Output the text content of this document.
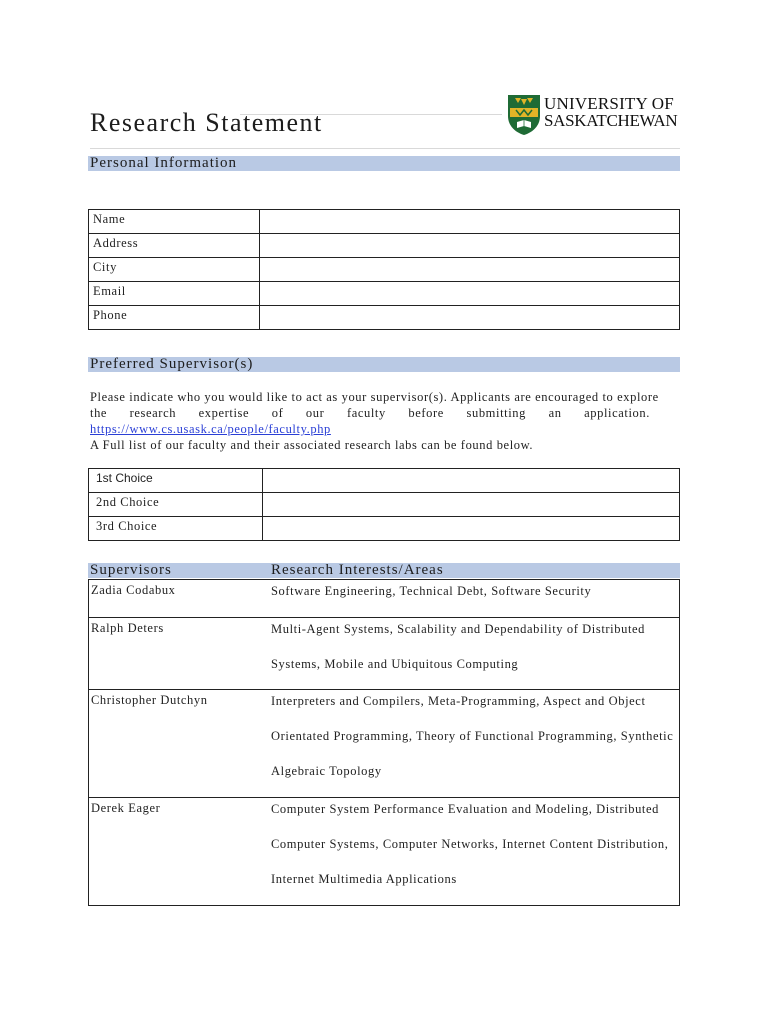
Research Statement
UNIVERSITY OF
SASKATCHEWAN
Personal Information
Name	
Address	
City	
Email	
Phone	
Preferred Supervisor(s)
Please indicate who you would like to act as your supervisor(s). Applicants are encouraged to explore
the research expertise of our faculty before submitting an application.
https://www.cs.usask.ca/people/faculty.php
A Full list of our faculty and their associated research labs can be found below.
1st Choice	
2nd Choice	
3rd Choice	
Supervisors	Research Interests/Areas
Zadia Codabux	Software Engineering, Technical Debt, Software Security
Ralph Deters	Multi-Agent Systems, Scalability and Dependability of Distributed Systems, Mobile and Ubiquitous Computing
Christopher Dutchyn	Interpreters and Compilers, Meta-Programming, Aspect and Object Orientated Programming, Theory of Functional Programming, Synthetic Algebraic Topology
Derek Eager	Computer System Performance Evaluation and Modeling, Distributed Computer Systems, Computer Networks, Internet Content Distribution, Internet Multimedia Applications
